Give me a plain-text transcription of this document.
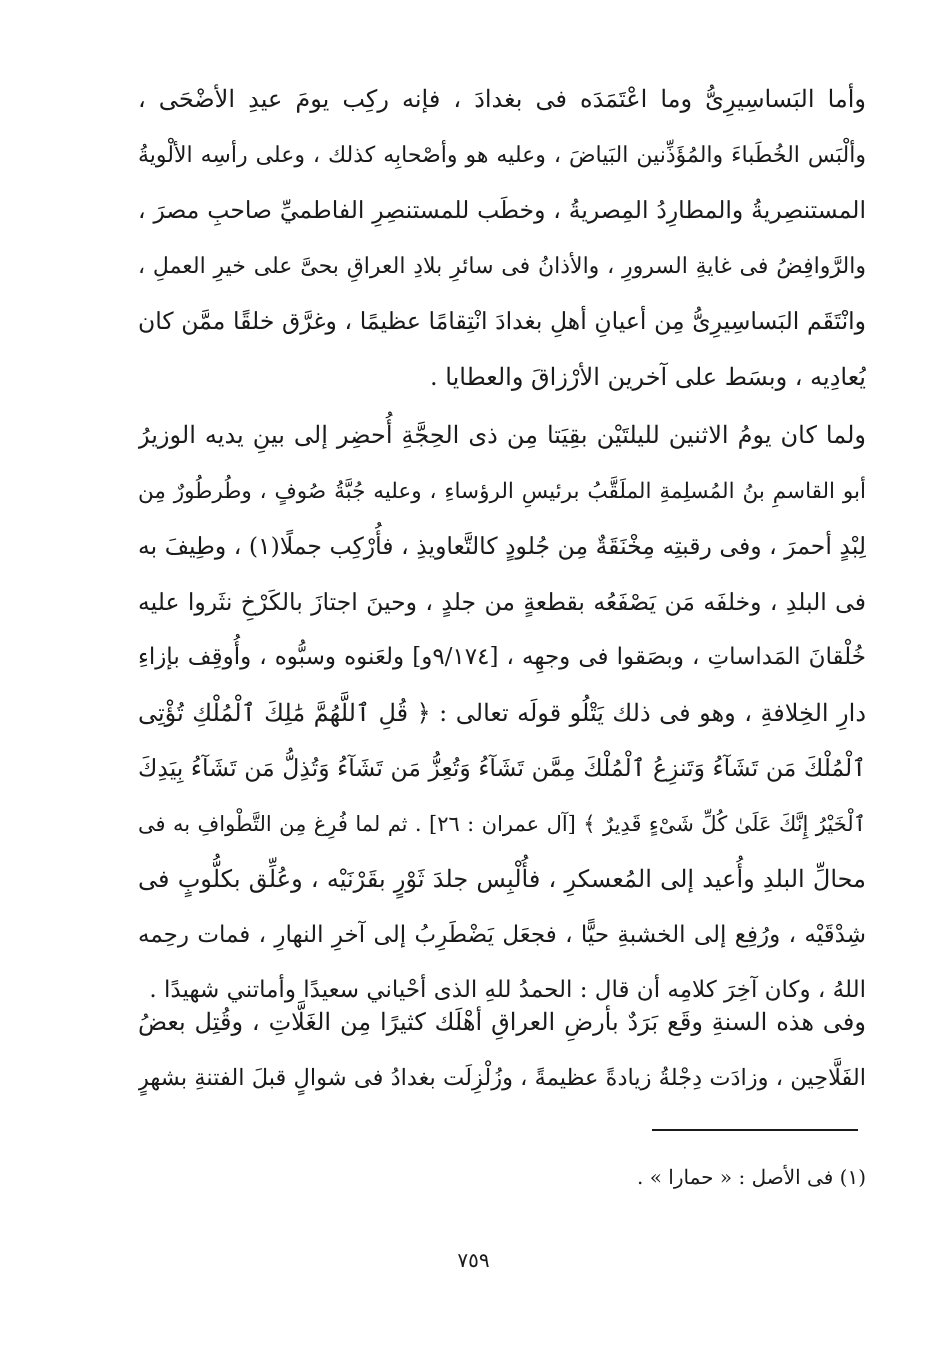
وأما البَساسِيرِىُّ وما اعْتَمَدَه فى بغدادَ ، فإنه ركِب يومَ عيدِ الأضْحَى ،
وألْبَس الخُطَباءَ والمُؤَذِّنين البَياضَ ، وعليه هو وأصْحابِه كذلك ، وعلى رأسِه الألْويةُ
المستنصِريةُ والمطارِدُ المِصريةُ ، وخطَب للمستنصِرِ الفاطميِّ صاحبِ مصرَ ،
والرَّوافِضُ فى غايةِ السرورِ ، والأذانُ فى سائرِ بلادِ العراقِ بحىَّ على خيرِ العملِ ،
وانْتَقَم البَساسِيرِىُّ مِن أعيانِ أهلِ بغدادَ انْتِقامًا عظيمًا ، وغرَّق خلقًا ممَّن كان
يُعادِيه ، وبسَط على آخرين الأرْزاقَ والعطايا .
ولما كان يومُ الاثنين لليلتَيْن بقِيَتا مِن ذى الحِجَّةِ أُحضِر إلى بينِ يديه الوزيرُ
أبو القاسمِ بنُ المُسلِمةِ الملَقَّبُ برئيسِ الرؤساءِ ، وعليه جُبَّةُ صُوفٍ ، وطُرطُورٌ مِن
لِبْدٍ أحمرَ ، وفى رقبتِه مِخْنَقَةٌ مِن جُلودٍ كالتَّعاويذِ ، فأُرْكِب جملًا(١) ، وطِيفَ به
فى البلدِ ، وخلفَه مَن يَصْفَعُه بقطعةٍ من جلدٍ ، وحينَ اجتازَ بالكَرْخِ نثَروا عليه
خُلْقانَ المَداساتِ ، وبصَقوا فى وجهِه ، [٩/١٧٤و] ولعَنوه وسبُّوه ، وأُوقِف بإزاءِ
دارِ الخِلافةِ ، وهو فى ذلك يَتْلُو قولَه تعالى : ﴿ قُلِ ٱللَّهُمَّ مَٰلِكَ ٱلْمُلْكِ تُؤْتِى
ٱلْمُلْكَ مَن تَشَآءُ وَتَنزِعُ ٱلْمُلْكَ مِمَّن تَشَآءُ وَتُعِزُّ مَن تَشَآءُ وَتُذِلُّ مَن تَشَآءُ بِيَدِكَ
ٱلْخَيْرُ إِنَّكَ عَلَىٰ كُلِّ شَىْءٍ قَدِيرٌ ﴾ [آل عمران : ٢٦] . ثم لما فُرِغ مِن التَّطْوافِ به فى
محالِّ البلدِ وأُعيد إلى المُعسكرِ ، فأُلْبِس جلدَ ثَوْرٍ بقَرْنَيْه ، وعُلِّق بكلُّوبٍ فى
شِدْقَيْه ، ورُفِع إلى الخشبةِ حيًّا ، فجعَل يَضْطَرِبُ إلى آخرِ النهارِ ، فمات رحِمه
اللهُ ، وكان آخِرَ كلامِه أن قال : الحمدُ للهِ الذى أحْياني سعيدًا وأماتني شهيدًا .
وفى هذه السنةِ وقَع بَرَدٌ بأرضِ العراقِ أهْلَك كثيرًا مِن الغَلَّاتِ ، وقُتِل بعضُ
الفَلَّاحِين ، وزادَت دِجْلةُ زيادةً عظيمةً ، وزُلْزِلَت بغدادُ فى شوالٍ قبلَ الفتنةِ بشهرٍ
(١) فى الأصل : « حمارا » .
٧٥٩
